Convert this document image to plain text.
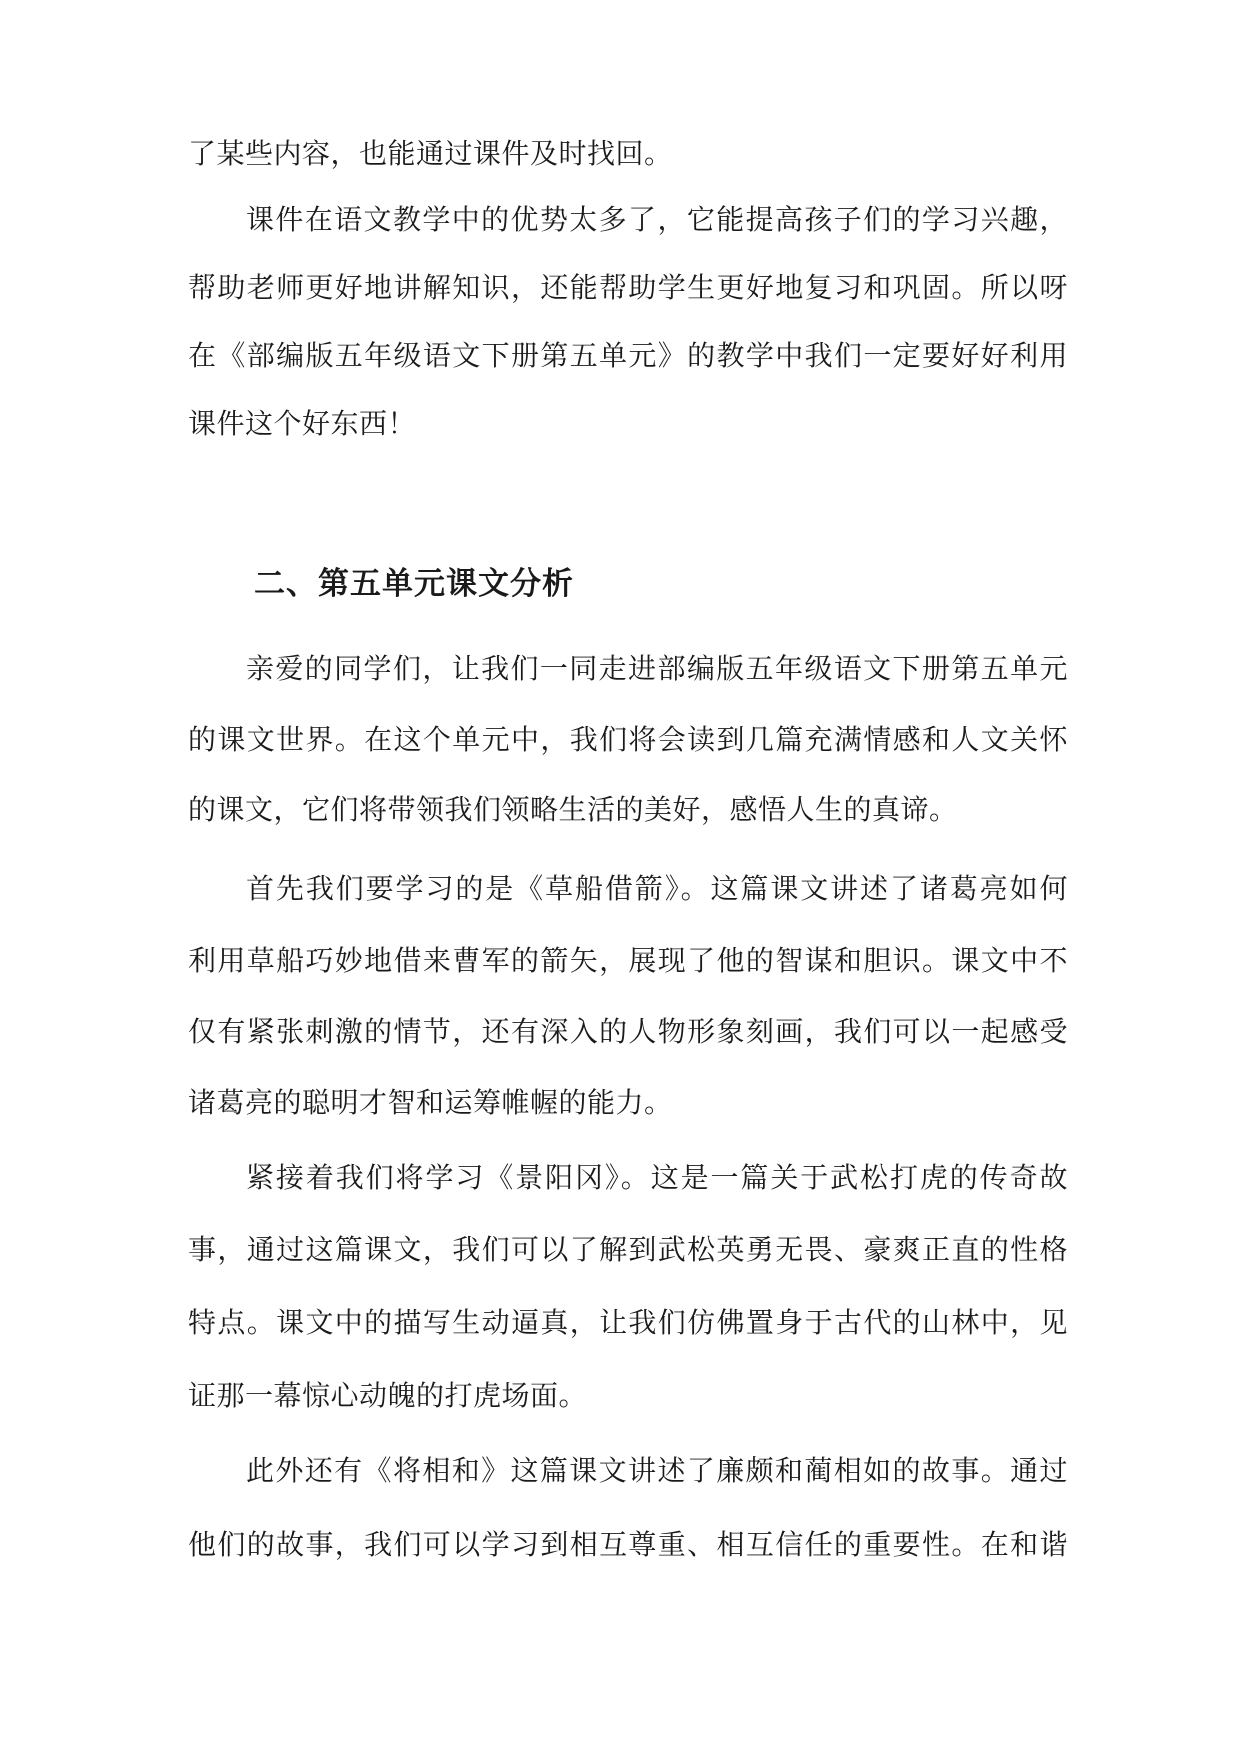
了某些内容，也能通过课件及时找回。
课件在语文教学中的优势太多了，它能提高孩子们的学习兴趣，
帮助老师更好地讲解知识，还能帮助学生更好地复习和巩固。所以呀
在《部编版五年级语文下册第五单元》的教学中我们一定要好好利用
课件这个好东西！
二、第五单元课文分析
亲爱的同学们，让我们一同走进部编版五年级语文下册第五单元
的课文世界。在这个单元中，我们将会读到几篇充满情感和人文关怀
的课文，它们将带领我们领略生活的美好，感悟人生的真谛。
首先我们要学习的是《草船借箭》。这篇课文讲述了诸葛亮如何
利用草船巧妙地借来曹军的箭矢，展现了他的智谋和胆识。课文中不
仅有紧张刺激的情节，还有深入的人物形象刻画，我们可以一起感受
诸葛亮的聪明才智和运筹帷幄的能力。
紧接着我们将学习《景阳冈》。这是一篇关于武松打虎的传奇故
事，通过这篇课文，我们可以了解到武松英勇无畏、豪爽正直的性格
特点。课文中的描写生动逼真，让我们仿佛置身于古代的山林中，见
证那一幕惊心动魄的打虎场面。
此外还有《将相和》这篇课文讲述了廉颇和蔺相如的故事。通过
他们的故事，我们可以学习到相互尊重、相互信任的重要性。在和谐
